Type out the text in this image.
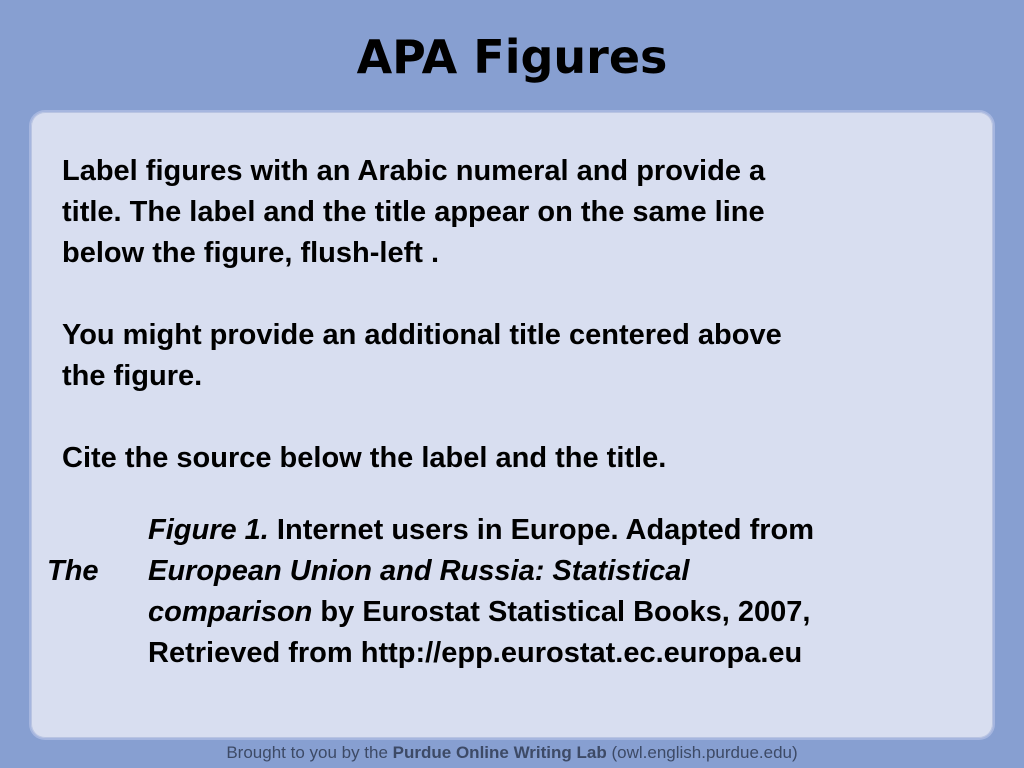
APA Figures

Label figures with an Arabic numeral and provide a
title. The label and the title appear on the same line
below the figure, flush-left .

You might provide an additional title centered above
the figure.

Cite the source below the label and the title.

The

Figure 1. Internet users in Europe. Adapted from
European Union and Russia: Statistical
comparison by Eurostat Statistical Books, 2007,
Retrieved from http://epp.eurostat.ec.europa.eu

Brought to you by the Purdue Online Writing Lab (owl.english.purdue.edu)
